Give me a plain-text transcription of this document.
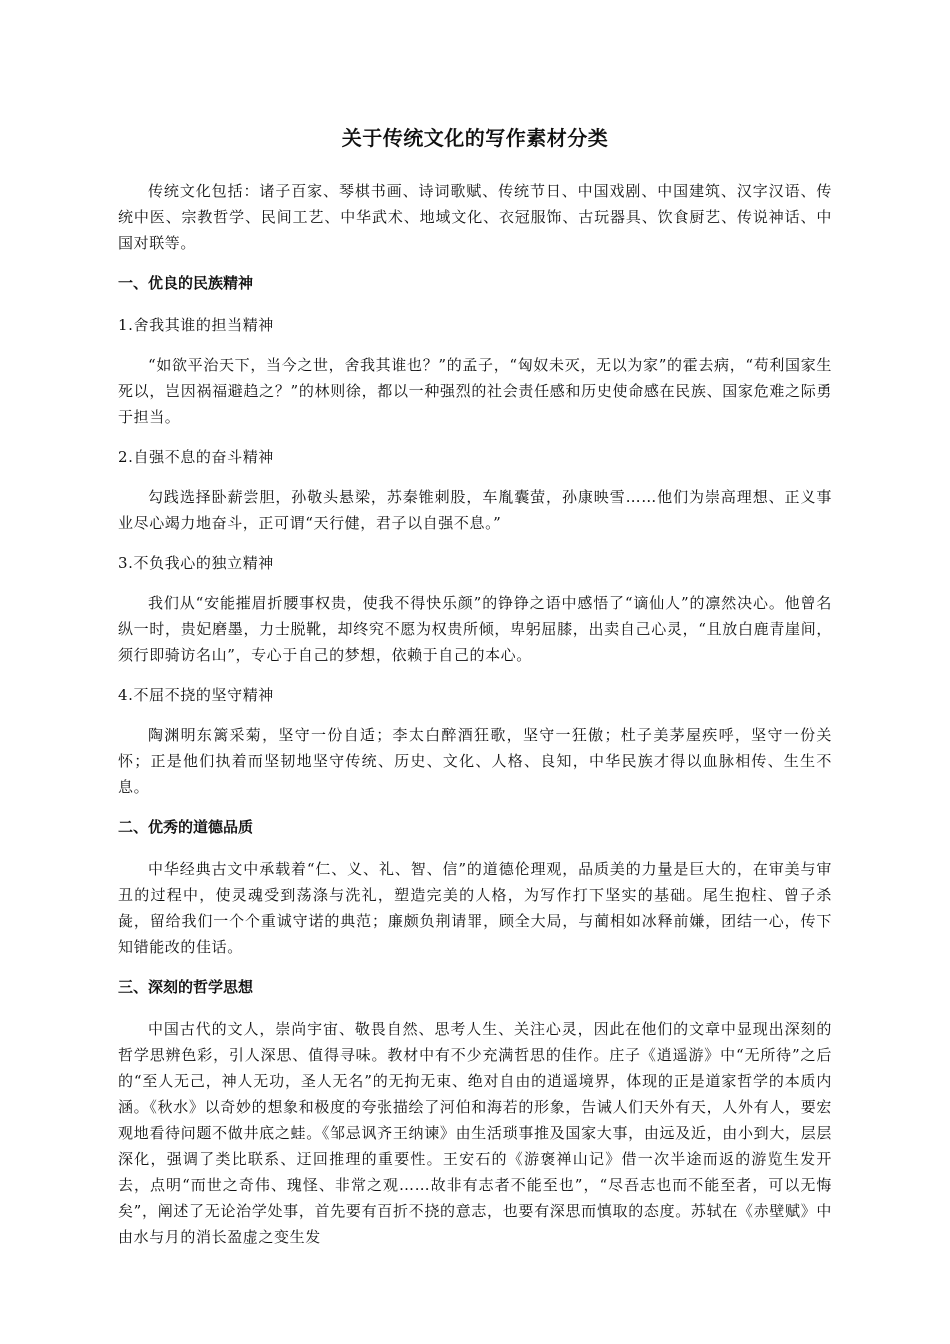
关于传统文化的写作素材分类

传统文化包括：诸子百家、琴棋书画、诗词歌赋、传统节日、中国戏剧、中国建筑、汉字汉语、传统中医、宗教哲学、民间工艺、中华武术、地域文化、衣冠服饰、古玩器具、饮食厨艺、传说神话、中国对联等。

一、优良的民族精神
1.舍我其谁的担当精神

“如欲平治天下，当今之世，舍我其谁也？”的孟子，“匈奴未灭，无以为家”的霍去病，“苟利国家生死以，岂因祸福避趋之？”的林则徐，都以一种强烈的社会责任感和历史使命感在民族、国家危难之际勇于担当。

2.自强不息的奋斗精神

勾践选择卧薪尝胆，孙敬头悬梁，苏秦锥刺股，车胤囊萤，孙康映雪……他们为崇高理想、正义事业尽心竭力地奋斗，正可谓“天行健，君子以自强不息。”

3.不负我心的独立精神

我们从“安能摧眉折腰事权贵，使我不得快乐颜”的铮铮之语中感悟了“谪仙人”的凛然决心。他曾名纵一时，贵妃磨墨，力士脱靴，却终究不愿为权贵所倾，卑躬屈膝，出卖自己心灵，“且放白鹿青崖间，须行即骑访名山”，专心于自己的梦想，依赖于自己的本心。

4.不屈不挠的坚守精神

陶渊明东篱采菊，坚守一份自适；李太白醉酒狂歌，坚守一狂傲；杜子美茅屋疾呼，坚守一份关怀；正是他们执着而坚韧地坚守传统、历史、文化、人格、良知，中华民族才得以血脉相传、生生不息。

二、优秀的道德品质

中华经典古文中承载着“仁、义、礼、智、信”的道德伦理观，品质美的力量是巨大的，在审美与审丑的过程中，使灵魂受到荡涤与洗礼，塑造完美的人格，为写作打下坚实的基础。尾生抱柱、曾子杀彘，留给我们一个个重诚守诺的典范；廉颇负荆请罪，顾全大局，与蔺相如冰释前嫌，团结一心，传下知错能改的佳话。

三、深刻的哲学思想

中国古代的文人，崇尚宇宙、敬畏自然、思考人生、关注心灵，因此在他们的文章中显现出深刻的哲学思辨色彩，引人深思、值得寻味。教材中有不少充满哲思的佳作。庄子《逍遥游》中“无所待”之后的“至人无己，神人无功，圣人无名”的无拘无束、绝对自由的逍遥境界，体现的正是道家哲学的本质内涵。《秋水》以奇妙的想象和极度的夸张描绘了河伯和海若的形象，告诫人们天外有天，人外有人，要宏观地看待问题不做井底之蛙。《邹忌讽齐王纳谏》由生活琐事推及国家大事，由远及近，由小到大，层层深化，强调了类比联系、迂回推理的重要性。王安石的《游褒禅山记》借一次半途而返的游览生发开去，点明“而世之奇伟、瑰怪、非常之观……故非有志者不能至也”，“尽吾志也而不能至者，可以无悔矣”，阐述了无论治学处事，首先要有百折不挠的意志，也要有深思而慎取的态度。苏轼在《赤壁赋》中由水与月的消长盈虚之变生发
